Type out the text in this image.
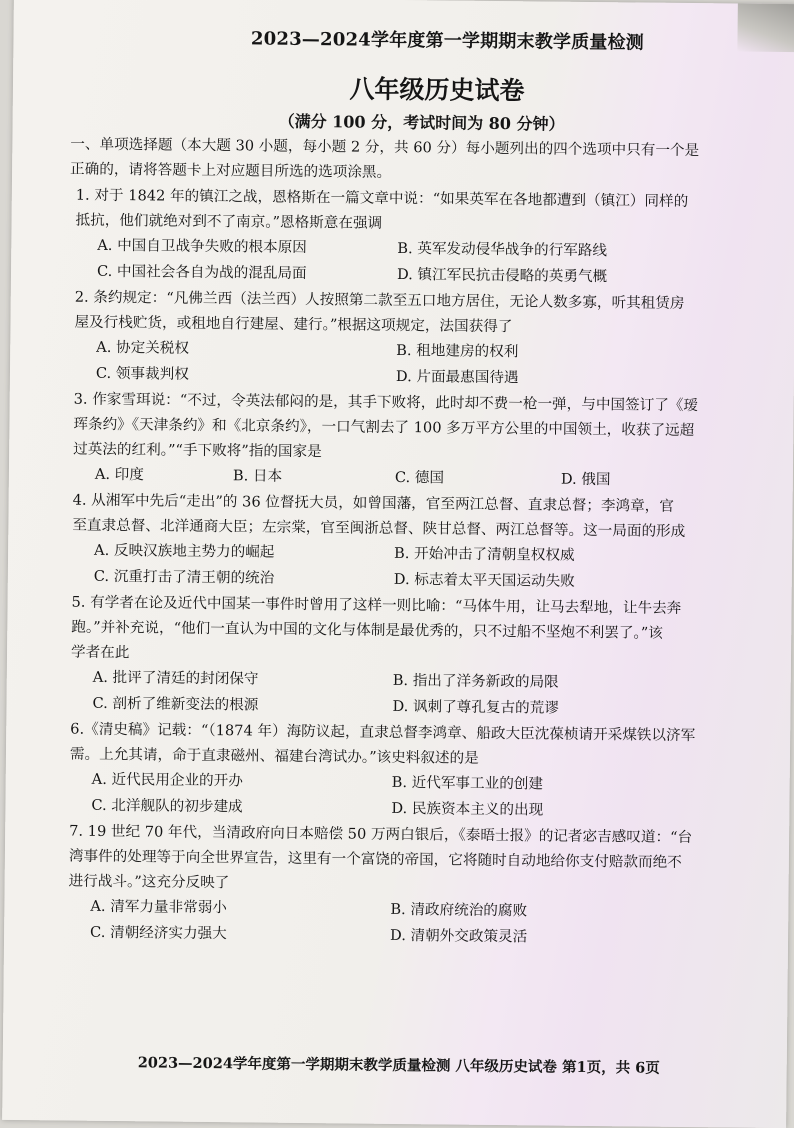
2023—2024学年度第一学期期末教学质量检测
八年级历史试卷
（满分 100 分，考试时间为 80 分钟）
一、单项选择题（本大题 30 小题，每小题 2 分，共 60 分）每小题列出的四个选项中只有一个是
正确的，请将答题卡上对应题目所选的选项涂黑。
1. 对于 1842 年的镇江之战，恩格斯在一篇文章中说：“如果英军在各地都遭到（镇江）同样的
抵抗，他们就绝对到不了南京。”恩格斯意在强调
A. 中国自卫战争失败的根本原因	B. 英军发动侵华战争的行军路线
C. 中国社会各自为战的混乱局面	D. 镇江军民抗击侵略的英勇气概
2. 条约规定：“凡佛兰西（法兰西）人按照第二款至五口地方居住，无论人数多寡，听其租赁房
屋及行栈贮货，或租地自行建屋、建行。”根据这项规定，法国获得了
A. 协定关税权	B. 租地建房的权利
C. 领事裁判权	D. 片面最惠国待遇
3. 作家雪珥说：“不过，令英法郁闷的是，其手下败将，此时却不费一枪一弹，与中国签订了《瑷
珲条约》《天津条约》和《北京条约》，一口气割去了 100 多万平方公里的中国领土，收获了远超
过英法的红利。”“手下败将”指的国家是
A. 印度	B. 日本	C. 德国	D. 俄国
4. 从湘军中先后“走出”的 36 位督抚大员，如曾国藩，官至两江总督、直隶总督；李鸿章，官
至直隶总督、北洋通商大臣；左宗棠，官至闽浙总督、陕甘总督、两江总督等。这一局面的形成
A. 反映汉族地主势力的崛起	B. 开始冲击了清朝皇权权威
C. 沉重打击了清王朝的统治	D. 标志着太平天国运动失败
5. 有学者在论及近代中国某一事件时曾用了这样一则比喻：“马体牛用，让马去犁地，让牛去奔
跑。”并补充说，“他们一直认为中国的文化与体制是最优秀的，只不过船不坚炮不利罢了。”该
学者在此
A. 批评了清廷的封闭保守	B. 指出了洋务新政的局限
C. 剖析了维新变法的根源	D. 讽刺了尊孔复古的荒谬
6.《清史稿》记载：“（1874 年）海防议起，直隶总督李鸿章、船政大臣沈葆桢请开采煤铁以济军
需。上允其请，命于直隶磁州、福建台湾试办。”该史料叙述的是
A. 近代民用企业的开办	B. 近代军事工业的创建
C. 北洋舰队的初步建成	D. 民族资本主义的出现
7. 19 世纪 70 年代，当清政府向日本赔偿 50 万两白银后，《泰晤士报》的记者宓吉感叹道：“台
湾事件的处理等于向全世界宣告，这里有一个富饶的帝国，它将随时自动地给你支付赔款而绝不
进行战斗。”这充分反映了
A. 清军力量非常弱小	B. 清政府统治的腐败
C. 清朝经济实力强大	D. 清朝外交政策灵活
2023—2024学年度第一学期期末教学质量检测 八年级历史试卷 第1页，共 6页
